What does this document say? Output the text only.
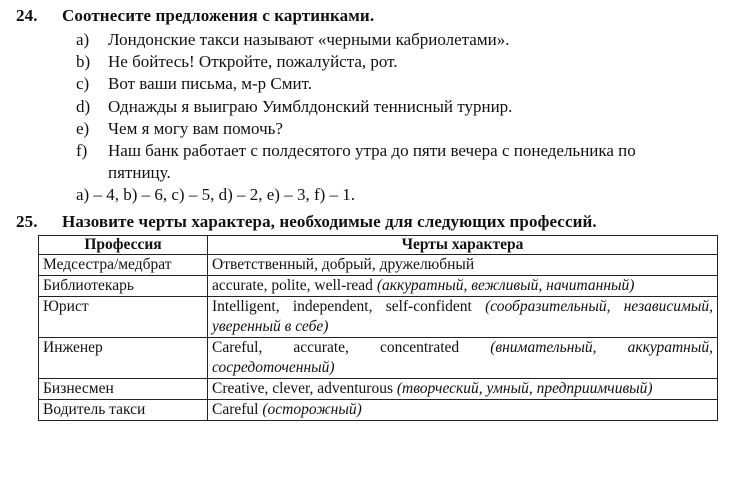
24. Соотнесите предложения с картинками.
a) Лондонские такси называют «черными кабриолетами».
b) Не бойтесь! Откройте, пожалуйста, рот.
c) Вот ваши письма, м-р Смит.
d) Однажды я выиграю Уимблдонский теннисный турнир.
e) Чем я могу вам помочь?
f) Наш банк работает с полдесятого утра до пяти вечера с понедельника по пятницу.
a) – 4, b) – 6, c) – 5, d) – 2, e) – 3, f) – 1.
25. Назовите черты характера, необходимые для следующих профессий.
Профессия	Черты характера
Медсестра/медбрат	Ответственный, добрый, дружелюбный
Библиотекарь	accurate, polite, well-read (аккуратный, вежливый, начитанный)
Юрист	Intelligent, independent, self-confident (сообразительный, независимый, уверенный в себе)
Инженер	Careful, accurate, concentrated (внимательный, аккуратный, сосредоточенный)
Бизнесмен	Creative, clever, adventurous (творческий, умный, предприимчивый)
Водитель такси	Careful (осторожный)
